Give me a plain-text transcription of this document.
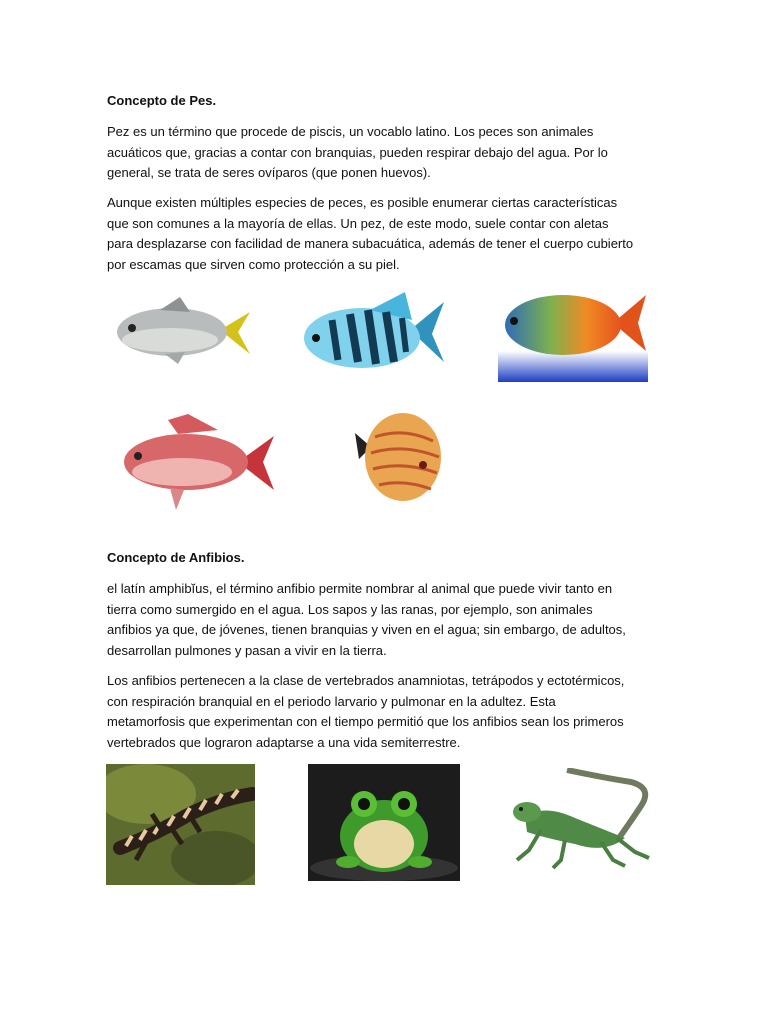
Concepto de Pes.

Pez es un término que procede de piscis, un vocablo latino. Los peces son animales
acuáticos que, gracias a contar con branquias, pueden respirar debajo del agua. Por lo
general, se trata de seres ovíparos (que ponen huevos).

Aunque existen múltiples especies de peces, es posible enumerar ciertas características
que son comunes a la mayoría de ellas. Un pez, de este modo, suele contar con aletas
para desplazarse con facilidad de manera subacuática, además de tener el cuerpo cubierto
por escamas que sirven como protección a su piel.

Concepto de Anfibios.

el latín amphibĭus, el término anfibio permite nombrar al animal que puede vivir tanto en
tierra como sumergido en el agua. Los sapos y las ranas, por ejemplo, son animales
anfibios ya que, de jóvenes, tienen branquias y viven en el agua; sin embargo, de adultos,
desarrollan pulmones y pasan a vivir en la tierra.

Los anfibios pertenecen a la clase de vertebrados anamniotas, tetrápodos y ectotérmicos,
con respiración branquial en el periodo larvario y pulmonar en la adultez. Esta
metamorfosis que experimentan con el tiempo permitió que los anfibios sean los primeros
vertebrados que lograron adaptarse a una vida semiterrestre.
